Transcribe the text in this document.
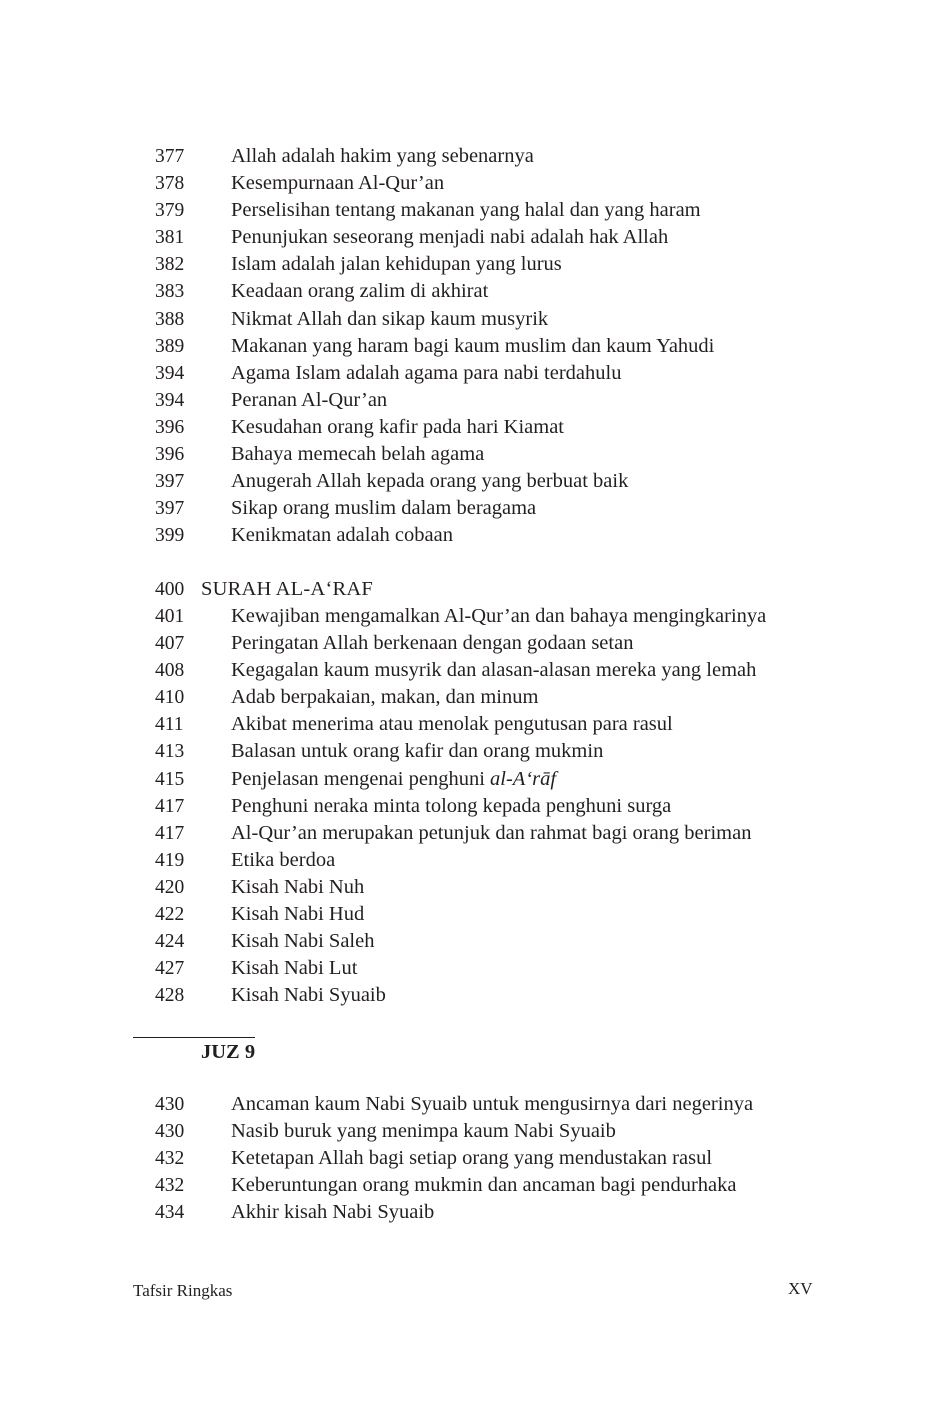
377	Allah adalah hakim yang sebenarnya
378	Kesempurnaan Al-Qur’an
379	Perselisihan tentang makanan yang halal dan yang haram
381	Penunjukan seseorang menjadi nabi adalah hak Allah
382	Islam adalah jalan kehidupan yang lurus
383	Keadaan orang zalim di akhirat
388	Nikmat Allah dan sikap kaum musyrik
389	Makanan yang haram bagi kaum muslim dan kaum Yahudi
394	Agama Islam adalah agama para nabi terdahulu
394	Peranan Al-Qur’an
396	Kesudahan orang kafir pada hari Kiamat
396	Bahaya memecah belah agama
397	Anugerah Allah kepada orang yang berbuat baik
397	Sikap orang muslim dalam beragama
399	Kenikmatan adalah cobaan
400 SURAH AL-A‘RAF
401	Kewajiban mengamalkan Al-Qur’an dan bahaya mengingkarinya
407	Peringatan Allah berkenaan dengan godaan setan
408	Kegagalan kaum musyrik dan alasan-alasan mereka yang lemah
410	Adab berpakaian, makan, dan minum
411	Akibat menerima atau menolak pengutusan para rasul
413	Balasan untuk orang kafir dan orang mukmin
415	Penjelasan mengenai penghuni al-A‘rāf
417	Penghuni neraka minta tolong kepada penghuni surga
417	Al-Qur’an merupakan petunjuk dan rahmat bagi orang beriman
419	Etika berdoa
420	Kisah Nabi Nuh
422	Kisah Nabi Hud
424	Kisah Nabi Saleh
427	Kisah Nabi Lut
428	Kisah Nabi Syuaib
JUZ 9
430	Ancaman kaum Nabi Syuaib untuk mengusirnya dari negerinya
430	Nasib buruk yang menimpa kaum Nabi Syuaib
432	Ketetapan Allah bagi setiap orang yang mendustakan rasul
432	Keberuntungan orang mukmin dan ancaman bagi pendurhaka
434	Akhir kisah Nabi Syuaib
Tafsir Ringkas	XV
